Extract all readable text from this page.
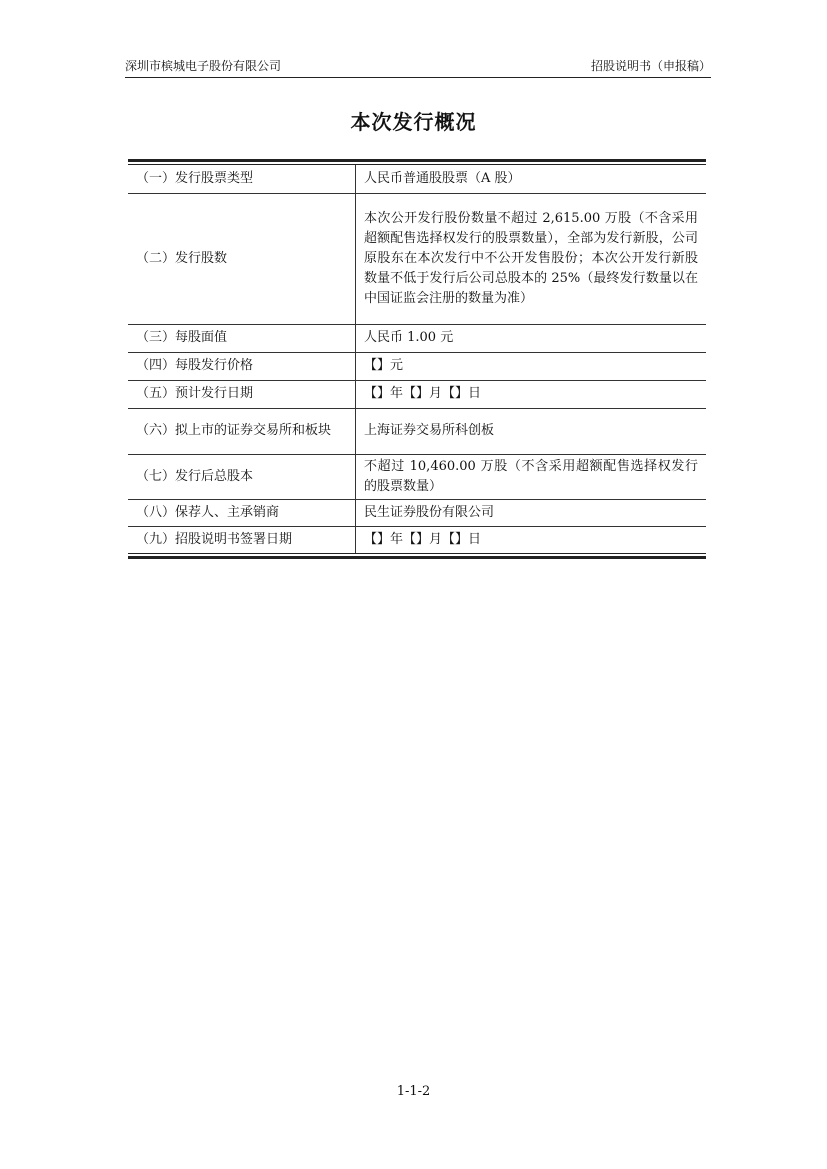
深圳市槟城电子股份有限公司	招股说明书（申报稿）
本次发行概况
（一）发行股票类型	人民币普通股股票（A 股）
（二）发行股数	本次公开发行股份数量不超过 2,615.00 万股（不含采用超额配售选择权发行的股票数量），全部为发行新股，公司原股东在本次发行中不公开发售股份；本次公开发行新股数量不低于发行后公司总股本的 25%（最终发行数量以在中国证监会注册的数量为准）
（三）每股面值	人民币 1.00 元
（四）每股发行价格	【】元
（五）预计发行日期	【】年【】月【】日
（六）拟上市的证券交易所和板块	上海证券交易所科创板
（七）发行后总股本	不超过 10,460.00 万股（不含采用超额配售选择权发行的股票数量）
（八）保荐人、主承销商	民生证券股份有限公司
（九）招股说明书签署日期	【】年【】月【】日
1-1-2
